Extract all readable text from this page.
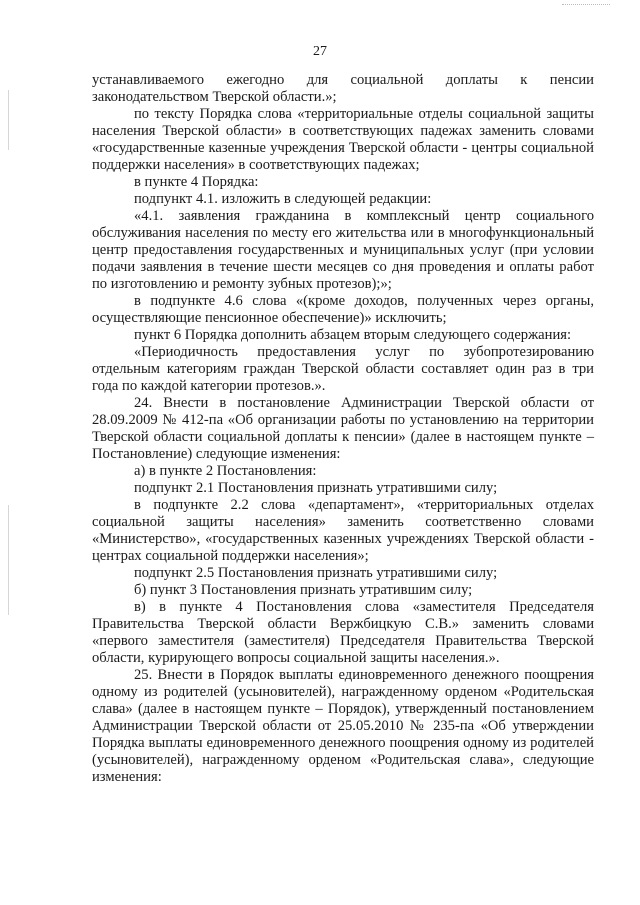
27

устанавливаемого ежегодно для социальной доплаты к пенсии законодательством Тверской области.»;

по тексту Порядка слова «территориальные отделы социальной защиты населения Тверской области» в соответствующих падежах заменить словами «государственные казенные учреждения Тверской области - центры социальной поддержки населения» в соответствующих падежах;

в пункте 4 Порядка:

подпункт 4.1. изложить в следующей редакции:

«4.1. заявления гражданина в комплексный центр социального обслуживания населения по месту его жительства или в многофункциональный центр предоставления государственных и муниципальных услуг (при условии подачи заявления в течение шести месяцев со дня проведения и оплаты работ по изготовлению и ремонту зубных протезов);»;

в подпункте 4.6 слова «(кроме доходов, полученных через органы, осуществляющие пенсионное обеспечение)» исключить;

пункт 6 Порядка дополнить абзацем вторым следующего содержания:

«Периодичность предоставления услуг по зубопротезированию отдельным категориям граждан Тверской области составляет один раз в три года по каждой категории протезов.».

24. Внести в постановление Администрации Тверской области от 28.09.2009 № 412-па «Об организации работы по установлению на территории Тверской области социальной доплаты к пенсии» (далее в настоящем пункте – Постановление) следующие изменения:

а) в пункте 2 Постановления:

подпункт 2.1 Постановления признать утратившими силу;

в подпункте 2.2 слова «департамент», «территориальных отделах социальной защиты населения» заменить соответственно словами «Министерство», «государственных казенных учреждениях Тверской области - центрах социальной поддержки населения»;

подпункт 2.5 Постановления признать утратившими силу;

б) пункт 3 Постановления признать утратившим силу;

в) в пункте 4 Постановления слова «заместителя Председателя Правительства Тверской области Вержбицкую С.В.» заменить словами «первого заместителя (заместителя) Председателя Правительства Тверской области, курирующего вопросы социальной защиты населения.».

25. Внести в Порядок выплаты единовременного денежного поощрения одному из родителей (усыновителей), награжденному орденом «Родительская слава» (далее в настоящем пункте – Порядок), утвержденный постановлением Администрации Тверской области от 25.05.2010 № 235-па «Об утверждении Порядка выплаты единовременного денежного поощрения одному из родителей (усыновителей), награжденному орденом «Родительская слава», следующие изменения:
